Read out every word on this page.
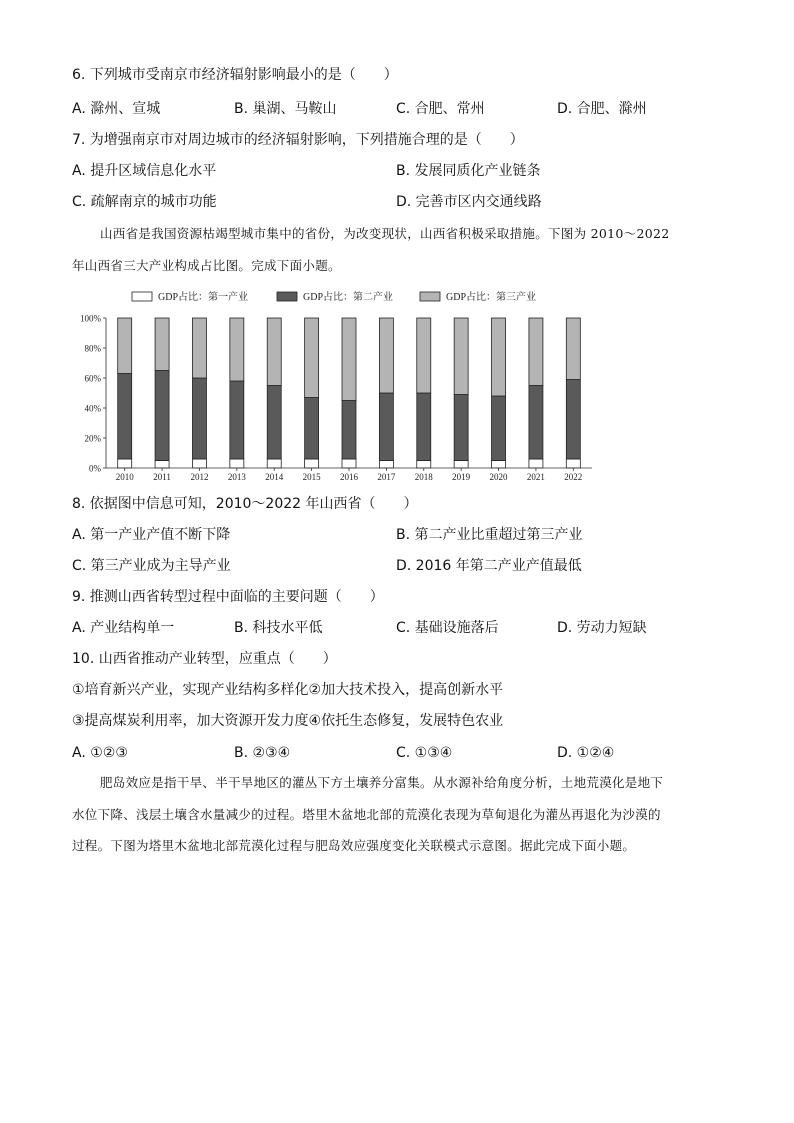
6. 下列城市受南京市经济辐射影响最小的是（　　）
A. 滁州、宣城	B. 巢湖、马鞍山	C. 合肥、常州	D. 合肥、滁州
7. 为增强南京市对周边城市的经济辐射影响，下列措施合理的是（　　）
A. 提升区域信息化水平	B. 发展同质化产业链条
C. 疏解南京的城市功能	D. 完善市区内交通线路
山西省是我国资源枯竭型城市集中的省份，为改变现状，山西省积极采取措施。下图为 2010～2022
年山西省三大产业构成占比图。完成下面小题。
GDP占比：第一产业	GDP占比：第二产业	GDP占比：第三产业
0%
20%
40%
60%
80%
100%
2010 2011 2012 2013 2014 2015 2016 2017 2018 2019 2020 2021 2022
8. 依据图中信息可知，2010～2022 年山西省（　　）
A. 第一产业产值不断下降	B. 第二产业比重超过第三产业
C. 第三产业成为主导产业	D. 2016 年第二产业产值最低
9. 推测山西省转型过程中面临的主要问题（　　）
A. 产业结构单一	B. 科技水平低	C. 基础设施落后	D. 劳动力短缺
10. 山西省推动产业转型，应重点（　　）
①培育新兴产业，实现产业结构多样化②加大技术投入，提高创新水平
③提高煤炭利用率，加大资源开发力度④依托生态修复，发展特色农业
A. ①②③	B. ②③④	C. ①③④	D. ①②④
肥岛效应是指干旱、半干旱地区的灌丛下方土壤养分富集。从水源补给角度分析，土地荒漠化是地下
水位下降、浅层土壤含水量减少的过程。塔里木盆地北部的荒漠化表现为草甸退化为灌丛再退化为沙漠的
过程。下图为塔里木盆地北部荒漠化过程与肥岛效应强度变化关联模式示意图。据此完成下面小题。
